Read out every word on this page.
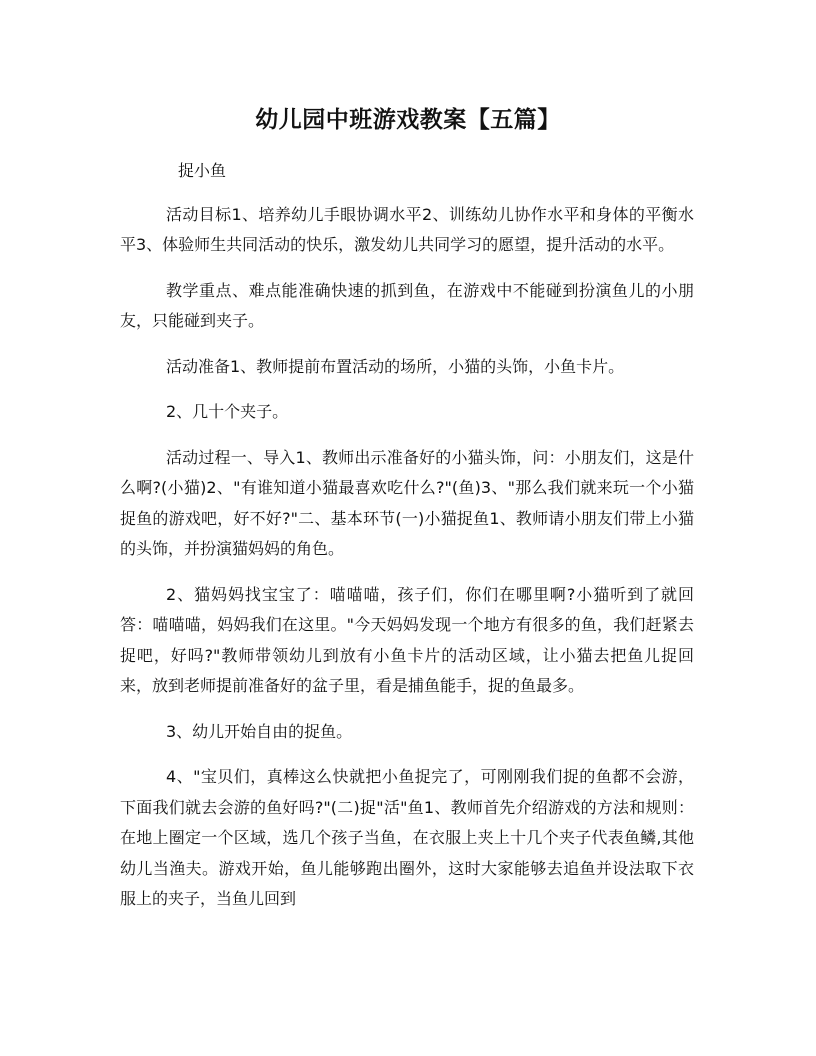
幼儿园中班游戏教案【五篇】

捉小鱼

活动目标1、培养幼儿手眼协调水平2、训练幼儿协作水平和身体的平衡水平3、体验师生共同活动的快乐，激发幼儿共同学习的愿望，提升活动的水平。

教学重点、难点能准确快速的抓到鱼，在游戏中不能碰到扮演鱼儿的小朋友，只能碰到夹子。

活动准备1、教师提前布置活动的场所，小猫的头饰，小鱼卡片。

2、几十个夹子。

活动过程一、导入1、教师出示准备好的小猫头饰，问：小朋友们，这是什么啊?(小猫)2、"有谁知道小猫最喜欢吃什么?"(鱼)3、"那么我们就来玩一个小猫捉鱼的游戏吧，好不好?"二、基本环节(一)小猫捉鱼1、教师请小朋友们带上小猫的头饰，并扮演猫妈妈的角色。

2、猫妈妈找宝宝了：喵喵喵，孩子们，你们在哪里啊?小猫听到了就回答：喵喵喵，妈妈我们在这里。"今天妈妈发现一个地方有很多的鱼，我们赶紧去捉吧，好吗?"教师带领幼儿到放有小鱼卡片的活动区域，让小猫去把鱼儿捉回来，放到老师提前准备好的盆子里，看是捕鱼能手，捉的鱼最多。

3、幼儿开始自由的捉鱼。

4、"宝贝们，真棒这么快就把小鱼捉完了，可刚刚我们捉的鱼都不会游，下面我们就去会游的鱼好吗?"(二)捉"活"鱼1、教师首先介绍游戏的方法和规则：在地上圈定一个区域，选几个孩子当鱼，在衣服上夹上十几个夹子代表鱼鳞,其他幼儿当渔夫。游戏开始，鱼儿能够跑出圈外，这时大家能够去追鱼并设法取下衣服上的夹子，当鱼儿回到
